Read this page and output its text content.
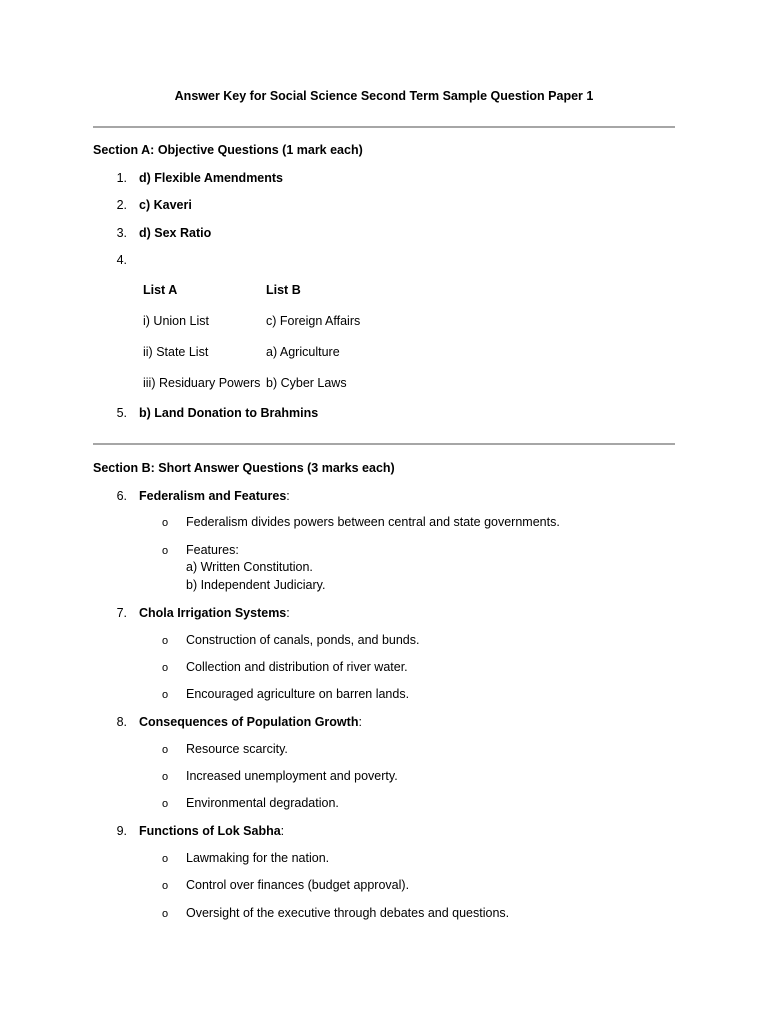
Answer Key for Social Science Second Term Sample Question Paper 1
Section A: Objective Questions (1 mark each)
1. d) Flexible Amendments
2. c) Kaveri
3. d) Sex Ratio
4.
List A	List B
i) Union List	c) Foreign Affairs
ii) State List	a) Agriculture
iii) Residuary Powers b) Cyber Laws
5. b) Land Donation to Brahmins
Section B: Short Answer Questions (3 marks each)
6. Federalism and Features:
o Federalism divides powers between central and state governments.
o Features:
a) Written Constitution.
b) Independent Judiciary.
7. Chola Irrigation Systems:
o Construction of canals, ponds, and bunds.
o Collection and distribution of river water.
o Encouraged agriculture on barren lands.
8. Consequences of Population Growth:
o Resource scarcity.
o Increased unemployment and poverty.
o Environmental degradation.
9. Functions of Lok Sabha:
o Lawmaking for the nation.
o Control over finances (budget approval).
o Oversight of the executive through debates and questions.
